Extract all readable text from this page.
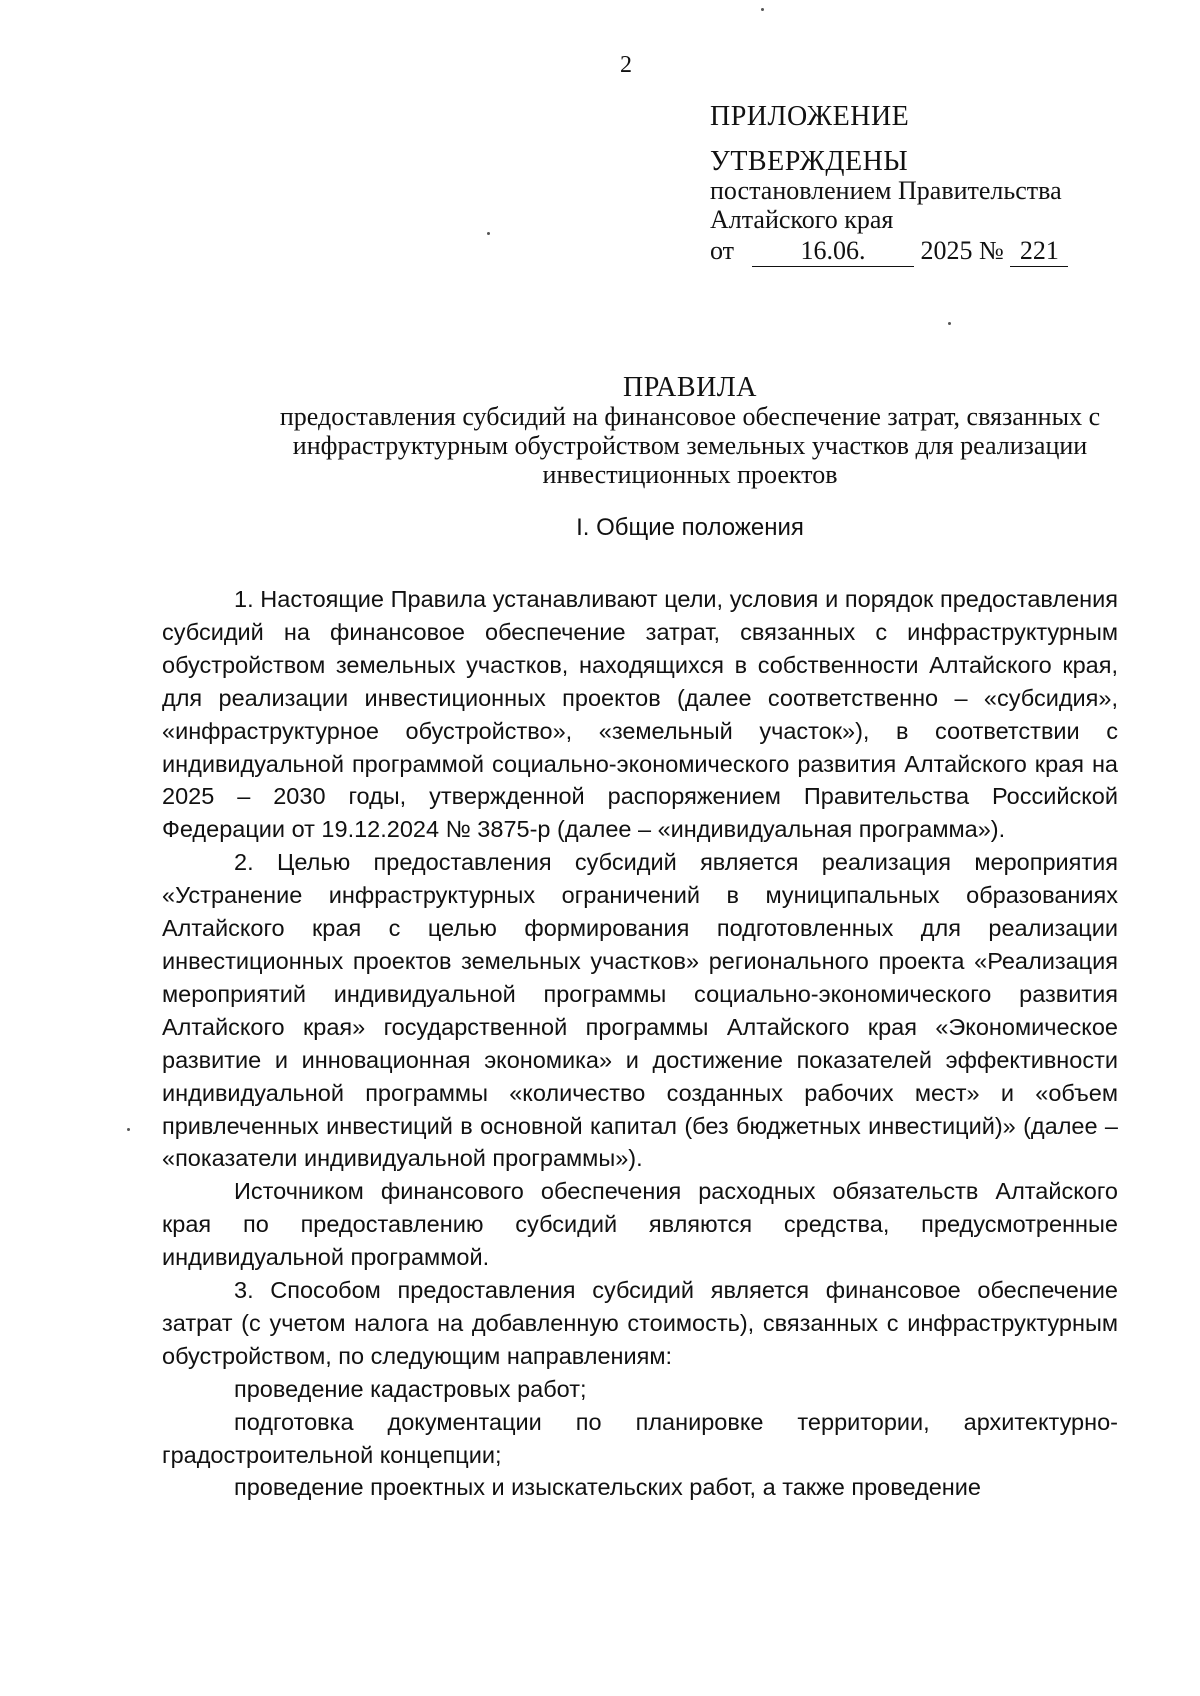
2
ПРИЛОЖЕНИЕ
УТВЕРЖДЕНЫ
постановлением Правительства
Алтайского края
от	16.06. 2025 № 221
ПРАВИЛА
предоставления субсидий на финансовое обеспечение затрат, связанных с
инфраструктурным обустройством земельных участков для реализации
инвестиционных проектов
I. Общие положения

1. Настоящие Правила устанавливают цели, условия и порядок предоставления субсидий на финансовое обеспечение затрат, связанных с инфраструктурным обустройством земельных участков, находящихся в собственности Алтайского края, для реализации инвестиционных проектов (далее соответственно – «субсидия», «инфраструктурное обустройство», «земельный участок»), в соответствии с индивидуальной программой социально-экономического развития Алтайского края на 2025 – 2030 годы, утвержденной распоряжением Правительства Российской Федерации от 19.12.2024 № 3875-р (далее – «индивидуальная программа»).

2. Целью предоставления субсидий является реализация мероприятия «Устранение инфраструктурных ограничений в муниципальных образованиях Алтайского края с целью формирования подготовленных для реализации инвестиционных проектов земельных участков» регионального проекта «Реализация мероприятий индивидуальной программы социально-экономического развития Алтайского края» государственной программы Алтайского края «Экономическое развитие и инновационная экономика» и достижение показателей эффективности индивидуальной программы «количество созданных рабочих мест» и «объем привлеченных инвестиций в основной капитал (без бюджетных инвестиций)» (далее – «показатели индивидуальной программы»).

Источником финансового обеспечения расходных обязательств Алтайского края по предоставлению субсидий являются средства, предусмотренные индивидуальной программой.

3. Способом предоставления субсидий является финансовое обеспечение затрат (с учетом налога на добавленную стоимость), связанных с инфраструктурным обустройством, по следующим направлениям:

проведение кадастровых работ;

подготовка документации по планировке территории, архитектурно-градостроительной концепции;

проведение проектных и изыскательских работ, а также проведение
